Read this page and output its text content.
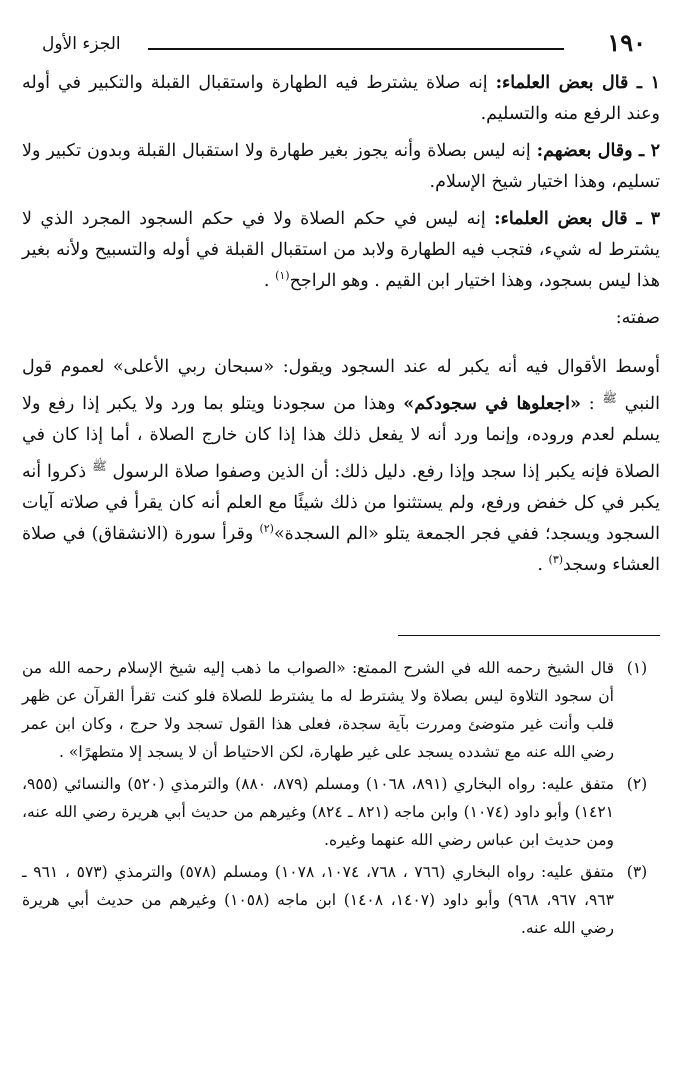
١٩٠
الجزء الأول

١ ـ قال بعض العلماء: إنه صلاة يشترط فيه الطهارة واستقبال القبلة والتكبير في أوله وعند الرفع منه والتسليم.

٢ ـ وقال بعضهم: إنه ليس بصلاة وأنه يجوز بغير طهارة ولا استقبال القبلة وبدون تكبير ولا تسليم، وهذا اختيار شيخ الإسلام.

٣ ـ قال بعض العلماء: إنه ليس في حكم الصلاة ولا في حكم السجود المجرد الذي لا يشترط له شيء، فتجب فيه الطهارة ولابد من استقبال القبلة في أوله والتسبيح ولأنه بغير هذا ليس بسجود، وهذا اختيار ابن القيم . وهو الراجح$^{(١)}$ .

صفته:

أوسط الأقوال فيه أنه يكبر له عند السجود ويقول: «سبحان ربي الأعلى» لعموم قول النبي $^ﷺ$ : «اجعلوها في سجودكم» وهذا من سجودنا ويتلو بما ورد ولا يكبر إذا رفع ولا يسلم لعدم وروده، وإنما ورد أنه لا يفعل ذلك هذا إذا كان خارج الصلاة ، أما إذا كان في الصلاة فإنه يكبر إذا سجد وإذا رفع. دليل ذلك: أن الذين وصفوا صلاة الرسول $^ﷺ$ ذكروا أنه يكبر في كل خفض ورفع، ولم يستثنوا من ذلك شيئًا مع العلم أنه كان يقرأ في صلاته آيات السجود ويسجد؛ ففي فجر الجمعة يتلو «الم السجدة»$^{(٢)}$ وقرأ سورة (الانشقاق) في صلاة العشاء وسجد$^{(٣)}$ .

(١)
قال الشيخ رحمه الله في الشرح الممتع: «الصواب ما ذهب إليه شيخ الإسلام رحمه الله من أن سجود التلاوة ليس بصلاة ولا يشترط له ما يشترط للصلاة فلو كنت تقرأ القرآن عن ظهر قلب وأنت غير متوضئ ومررت بآية سجدة، فعلى هذا القول تسجد ولا حرج ، وكان ابن عمر رضي الله عنه مع تشدده يسجد على غير طهارة، لكن الاحتياط أن لا يسجد إلا متطهرًا» .
(٢)
متفق عليه: رواه البخاري (٨٩١، ١٠٦٨) ومسلم (٨٧٩، ٨٨٠) والترمذي (٥٢٠) والنسائي (٩٥٥، ١٤٢١) وأبو داود (١٠٧٤) وابن ماجه (٨٢١ ـ ٨٢٤) وغيرهم من حديث أبي هريرة رضي الله عنه، ومن حديث ابن عباس رضي الله عنهما وغيره.
(٣)
متفق عليه: رواه البخاري (٧٦٦ ، ٧٦٨، ١٠٧٤، ١٠٧٨) ومسلم (٥٧٨) والترمذي (٥٧٣ ، ٩٦١ ـ ٩٦٣، ٩٦٧، ٩٦٨) وأبو داود (١٤٠٧، ١٤٠٨) ابن ماجه (١٠٥٨) وغيرهم من حديث أبي هريرة رضي الله عنه.
